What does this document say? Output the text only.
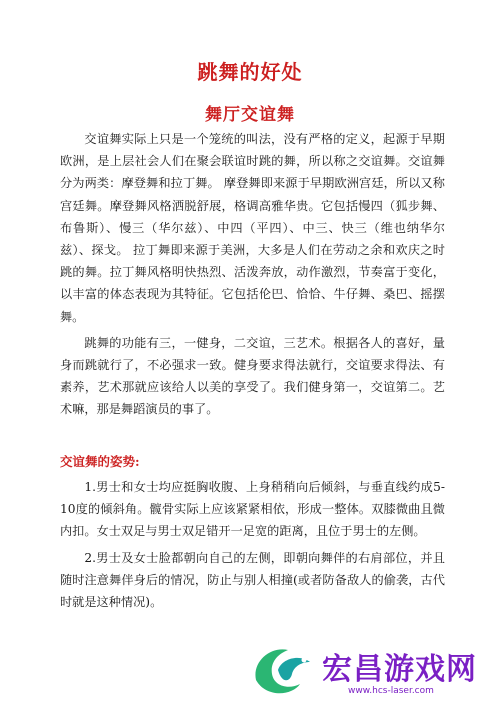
跳舞的好处
舞厅交谊舞

交谊舞实际上只是一个笼统的叫法，没有严格的定义，起源于早期欧洲，是上层社会人们在聚会联谊时跳的舞，所以称之交谊舞。交谊舞分为两类：摩登舞和拉丁舞。 摩登舞即来源于早期欧洲宫廷，所以又称宫廷舞。摩登舞风格洒脱舒展，格调高雅华贵。它包括慢四（狐步舞、布鲁斯）、慢三（华尔兹）、中四（平四）、中三、快三（维也纳华尔兹）、探戈。 拉丁舞即来源于美洲，大多是人们在劳动之余和欢庆之时跳的舞。拉丁舞风格明快热烈、活泼奔放，动作激烈，节奏富于变化，以丰富的体态表现为其特征。它包括伦巴、恰恰、牛仔舞、桑巴、摇摆舞。

跳舞的功能有三，一健身，二交谊，三艺术。根据各人的喜好，量身而跳就行了，不必强求一致。健身要求得法就行，交谊要求得法、有素养，艺术那就应该给人以美的享受了。我们健身第一，交谊第二。艺术嘛，那是舞蹈演员的事了。

交谊舞的姿势:

1.男士和女士均应挺胸收腹、上身稍稍向后倾斜，与垂直线约成5-10度的倾斜角。髋骨实际上应该紧紧相依，形成一整体。双膝微曲且微内扣。女士双足与男士双足错开一足宽的距离，且位于男士的左侧。

2.男士及女士脸都朝向自己的左侧，即朝向舞伴的右肩部位，并且随时注意舞伴身后的情况，防止与别人相撞(或者防备敌人的偷袭，古代时就是这种情况)。

宏昌游戏网
www.hcs-laser.com
